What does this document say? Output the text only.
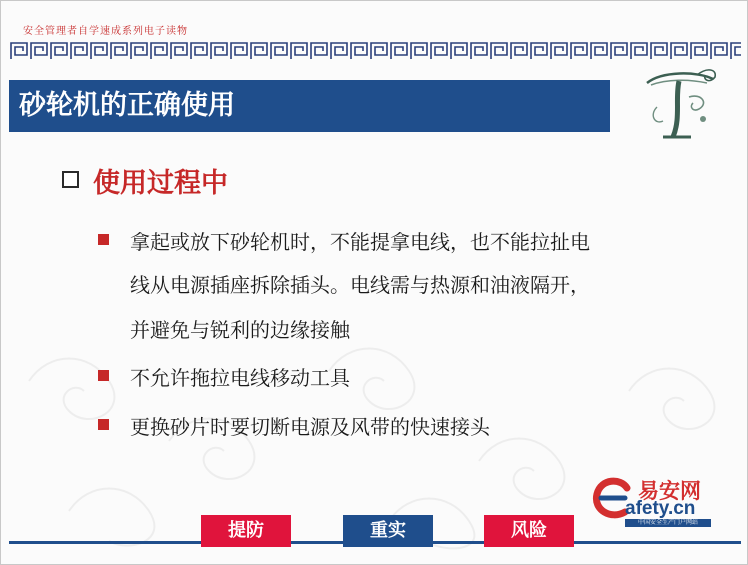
安全管理者自学速成系列电子读物
砂轮机的正确使用
使用过程中
拿起或放下砂轮机时，不能提拿电线，也不能拉扯电
线从电源插座拆除插头。电线需与热源和油液隔开，
并避免与锐利的边缘接触
不允许拖拉电线移动工具
更换砂片时要切断电源及风带的快速接头
易安网
afety.cn
中国安全生产门户网站
提防	重实	风险
